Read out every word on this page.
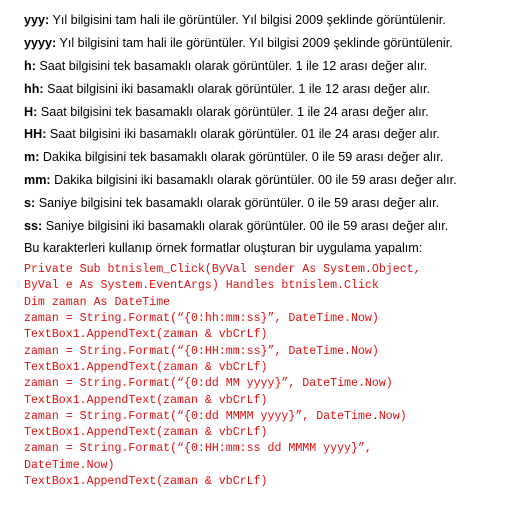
yyy: Yıl bilgisini tam hali ile görüntüler. Yıl bilgisi 2009 şeklinde görüntülenir.
yyyy: Yıl bilgisini tam hali ile görüntüler. Yıl bilgisi 2009 şeklinde görüntülenir.
h: Saat bilgisini tek basamaklı olarak görüntüler. 1 ile 12 arası değer alır.
hh: Saat bilgisini iki basamaklı olarak görüntüler. 1 ile 12 arası değer alır.
H: Saat bilgisini tek basamaklı olarak görüntüler. 1 ile 24 arası değer alır.
HH: Saat bilgisini iki basamaklı olarak görüntüler. 01 ile 24 arası değer alır.
m: Dakika bilgisini tek basamaklı olarak görüntüler. 0 ile 59 arası değer alır.
mm: Dakika bilgisini iki basamaklı olarak görüntüler. 00 ile 59 arası değer alır.
s: Saniye bilgisini tek basamaklı olarak görüntüler. 0 ile 59 arası değer alır.
ss: Saniye bilgisini iki basamaklı olarak görüntüler. 00 ile 59 arası değer alır.
Bu karakterleri kullanıp örnek formatlar oluşturan bir uygulama yapalım:
Private Sub btnislem_Click(ByVal sender As System.Object,
ByVal e As System.EventArgs) Handles btnislem.Click
Dim zaman As DateTime
zaman = String.Format(“{0:hh:mm:ss}”, DateTime.Now)
TextBox1.AppendText(zaman & vbCrLf)
zaman = String.Format(“{0:HH:mm:ss}”, DateTime.Now)
TextBox1.AppendText(zaman & vbCrLf)
zaman = String.Format(“{0:dd MM yyyy}”, DateTime.Now)
TextBox1.AppendText(zaman & vbCrLf)
zaman = String.Format(“{0:dd MMMM yyyy}”, DateTime.Now)
TextBox1.AppendText(zaman & vbCrLf)
zaman = String.Format(“{0:HH:mm:ss dd MMMM yyyy}”,
DateTime.Now)
TextBox1.AppendText(zaman & vbCrLf)
